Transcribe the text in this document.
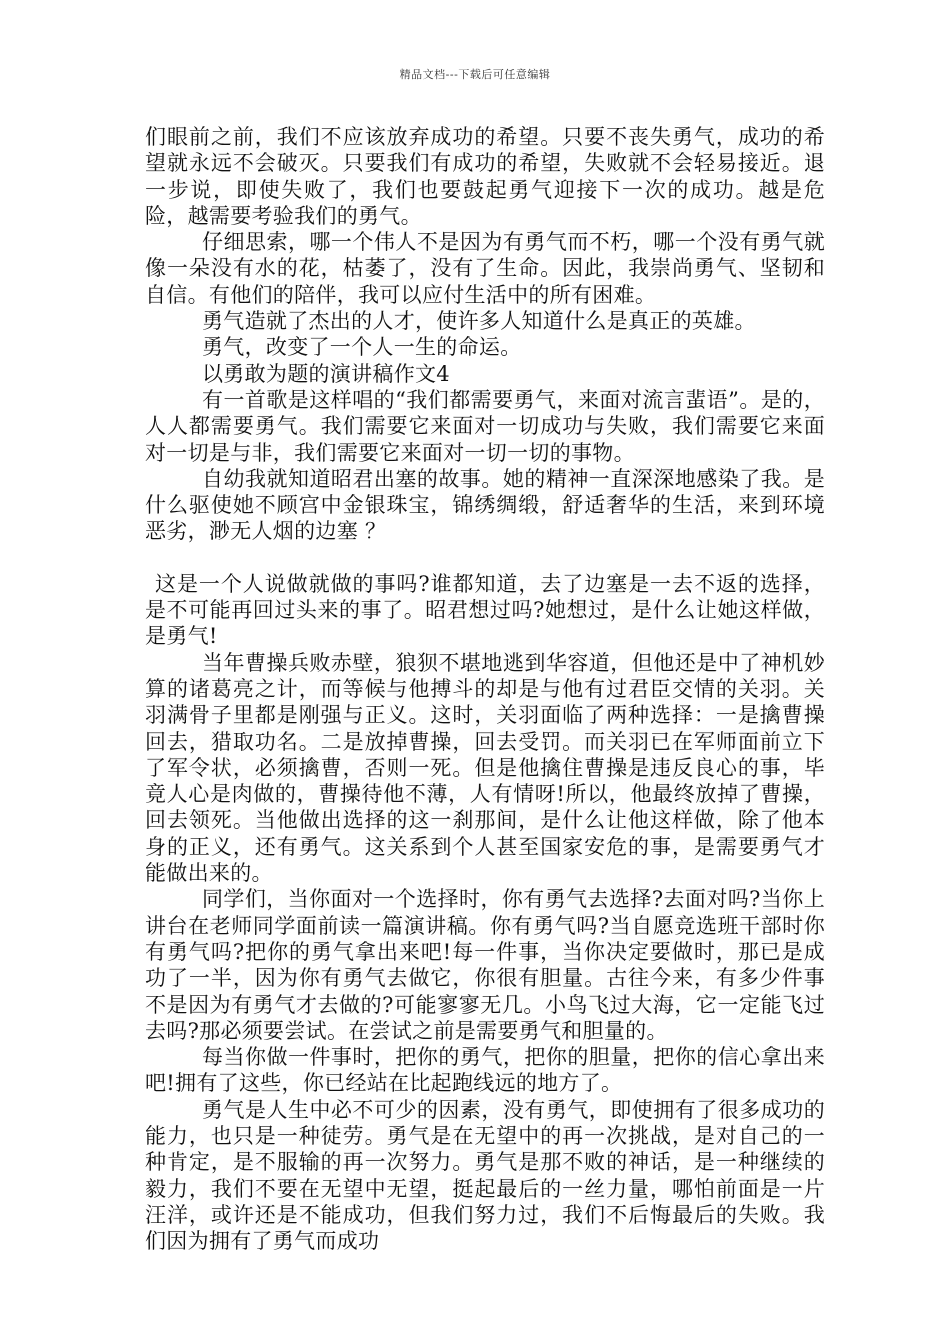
精品文档---下载后可任意编辑

们眼前之前，我们不应该放弃成功的希望。只要不丧失勇气，成功的希望就永远不会破灭。只要我们有成功的希望，失败就不会轻易接近。退一步说，即使失败了，我们也要鼓起勇气迎接下一次的成功。越是危险，越需要考验我们的勇气。

仔细思索，哪一个伟人不是因为有勇气而不朽，哪一个没有勇气就像一朵没有水的花，枯萎了，没有了生命。因此，我崇尚勇气、坚韧和自信。有他们的陪伴，我可以应付生活中的所有困难。

勇气造就了杰出的人才，使许多人知道什么是真正的英雄。

勇气，改变了一个人一生的命运。

以勇敢为题的演讲稿作文4

有一首歌是这样唱的“我们都需要勇气，来面对流言蜚语”。是的，人人都需要勇气。我们需要它来面对一切成功与失败，我们需要它来面对一切是与非，我们需要它来面对一切一切的事物。

自幼我就知道昭君出塞的故事。她的精神一直深深地感染了我。是什么驱使她不顾宫中金银珠宝，锦绣绸缎，舒适奢华的生活，来到环境恶劣，渺无人烟的边塞 ？

这是一个人说做就做的事吗?谁都知道，去了边塞是一去不返的选择，是不可能再回过头来的事了。昭君想过吗?她想过，是什么让她这样做，是勇气!

当年曹操兵败赤壁，狼狈不堪地逃到华容道，但他还是中了神机妙算的诸葛亮之计，而等候与他搏斗的却是与他有过君臣交情的关羽。关羽满骨子里都是刚强与正义。这时，关羽面临了两种选择：一是擒曹操回去，猎取功名。二是放掉曹操，回去受罚。而关羽已在军师面前立下了军令状，必须擒曹，否则一死。但是他擒住曹操是违反良心的事，毕竟人心是肉做的，曹操待他不薄，人有情呀!所以，他最终放掉了曹操，回去领死。当他做出选择的这一刹那间，是什么让他这样做，除了他本身的正义，还有勇气。这关系到个人甚至国家安危的事，是需要勇气才能做出来的。

同学们，当你面对一个选择时，你有勇气去选择?去面对吗?当你上讲台在老师同学面前读一篇演讲稿。你有勇气吗?当自愿竞选班干部时你有勇气吗?把你的勇气拿出来吧!每一件事，当你决定要做时，那已是成功了一半，因为你有勇气去做它，你很有胆量。古往今来，有多少件事不是因为有勇气才去做的?可能寥寥无几。小鸟飞过大海，它一定能飞过去吗?那必须要尝试。在尝试之前是需要勇气和胆量的。

每当你做一件事时，把你的勇气，把你的胆量，把你的信心拿出来吧!拥有了这些，你已经站在比起跑线远的地方了。

勇气是人生中必不可少的因素，没有勇气，即使拥有了很多成功的能力，也只是一种徒劳。勇气是在无望中的再一次挑战，是对自己的一种肯定，是不服输的再一次努力。勇气是那不败的神话，是一种继续的毅力，我们不要在无望中无望，挺起最后的一丝力量，哪怕前面是一片汪洋，或许还是不能成功，但我们努力过，我们不后悔最后的失败。我们因为拥有了勇气而成功
